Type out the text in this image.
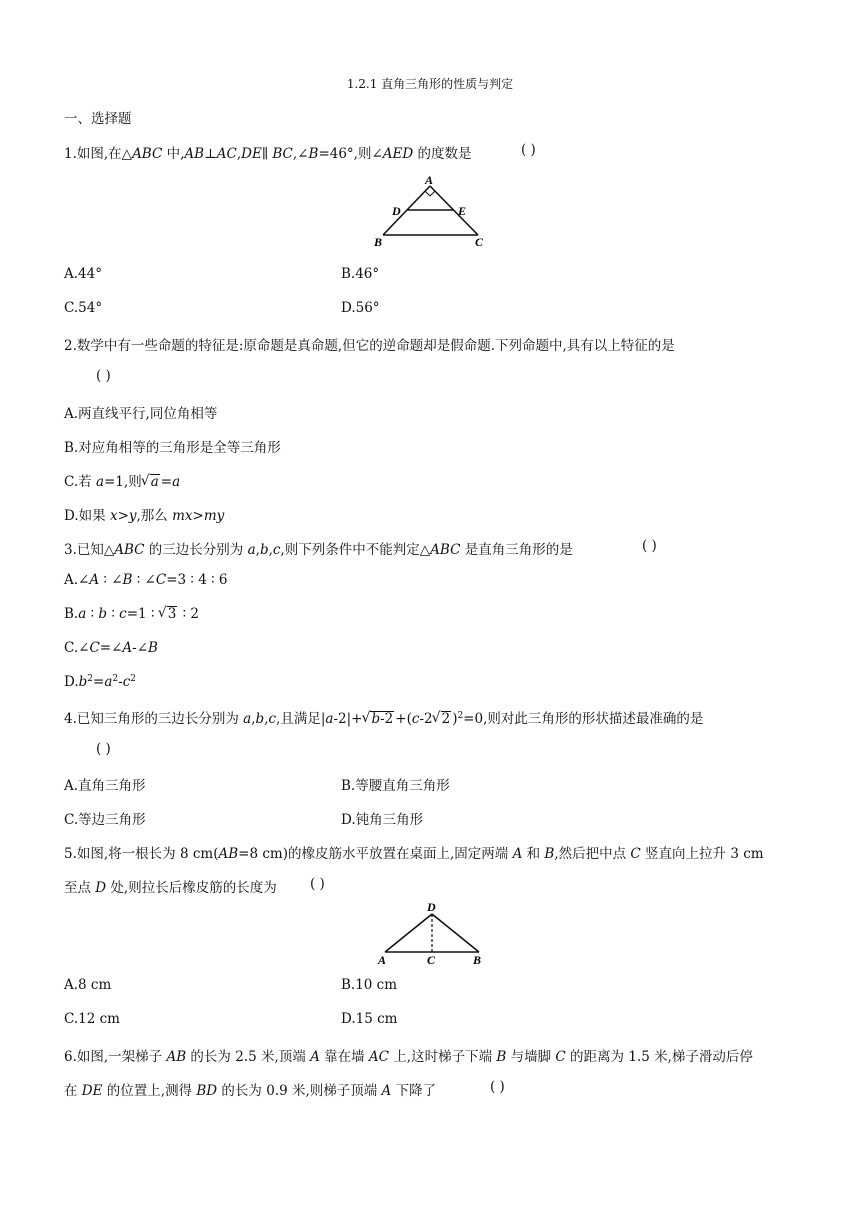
1.2.1 直角三角形的性质与判定
一、选择题
1.如图,在△ABC 中,AB⊥AC,DE∥ BC,∠B=46°,则∠AED 的度数是	( )
A
D	E
B	C
A.44°	B.46°
C.54°	D.56°
2.数学中有一些命题的特征是:原命题是真命题,但它的逆命题却是假命题.下列命题中,具有以上特征的是
( )
A.两直线平行,同位角相等
B.对应角相等的三角形是全等三角形
C.若 a=1,则 √ a =a
D.如果 x>y,那么 mx>my
3.已知△ABC 的三边长分别为 a,b,c,则下列条件中不能判定△ABC 是直角三角形的是	( )
A.∠A ∶ ∠B ∶ ∠C=3 ∶ 4 ∶ 6
B.a ∶ b ∶ c=1 ∶ √ 3 ∶ 2
C.∠C=∠A-∠B
$D.b^2=a^2-c^2$
4.已知三角形的三边长分别为 a,b,c,且满足|a-2|+ √ b-2 +(c-2 √ 2 )$^2$=0,则对此三角形的形状描述最准确的是
( )
A.直角三角形	B.等腰直角三角形
C.等边三角形	D.钝角三角形
5.如图,将一根长为 8 cm(AB=8 cm)的橡皮筋水平放置在桌面上,固定两端 A 和 B,然后把中点 C 竖直向上拉升 3 cm
至点 D 处,则拉长后橡皮筋的长度为 ( )
D
A	C	B
A.8 cm	B.10 cm
C.12 cm	D.15 cm
6.如图,一架梯子 AB 的长为 2.5 米,顶端 A 靠在墙 AC 上,这时梯子下端 B 与墙脚 C 的距离为 1.5 米,梯子滑动后停
在 DE 的位置上,测得 BD 的长为 0.9 米,则梯子顶端 A 下降了	( )
